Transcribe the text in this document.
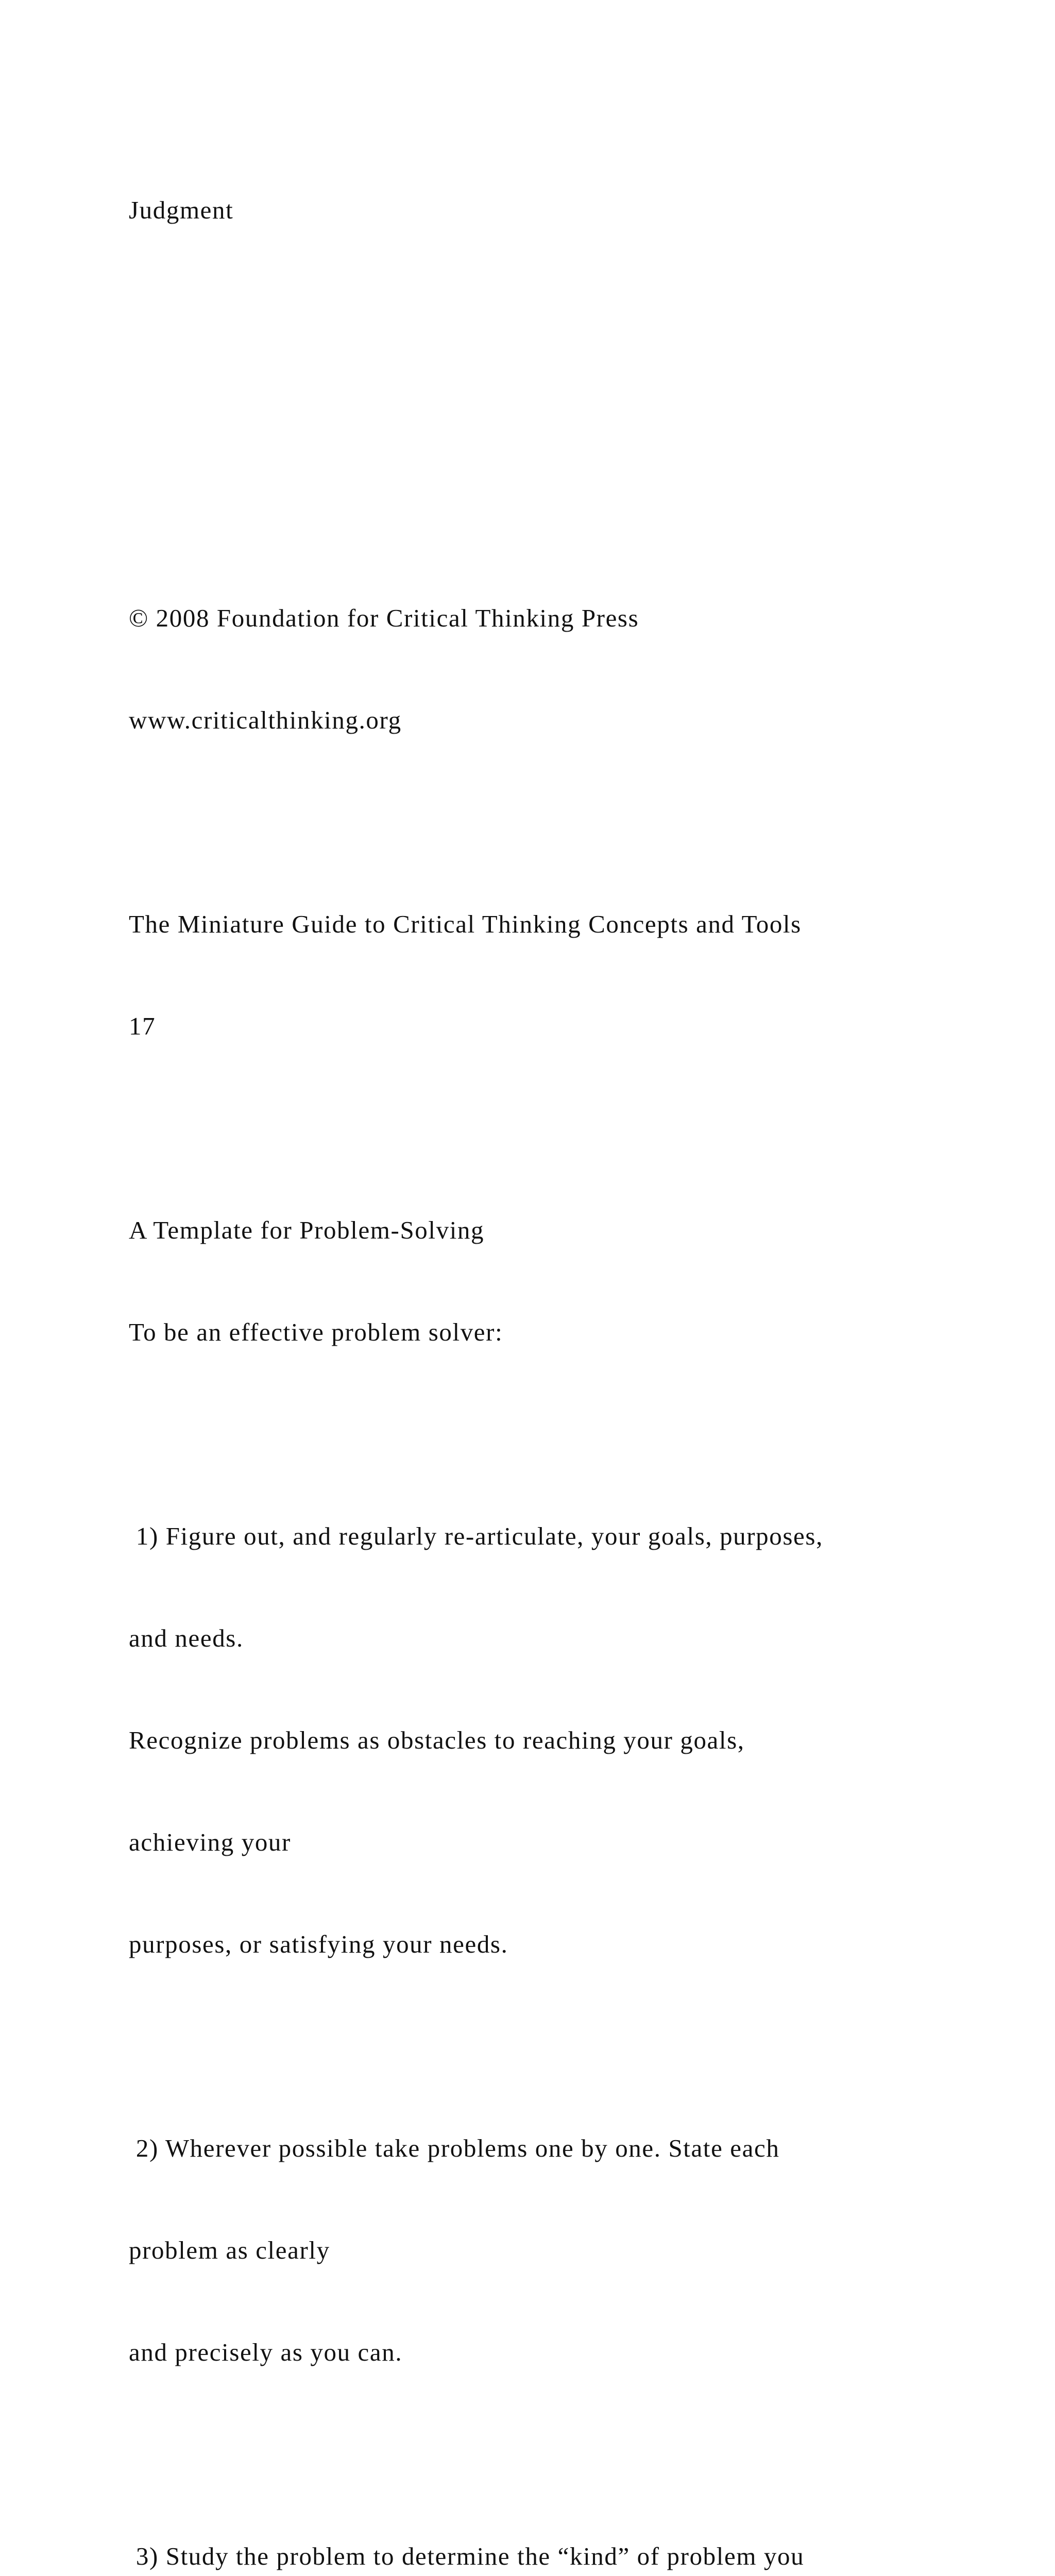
Judgment

© 2008 Foundation for Critical Thinking Press

www.criticalthinking.org

The Miniature Guide to Critical Thinking Concepts and Tools

17

A Template for Problem-Solving

To be an effective problem solver:

1) Figure out, and regularly re-articulate, your goals, purposes,

and needs.

Recognize problems as obstacles to reaching your goals,

achieving your

purposes, or satisfying your needs.

2) Wherever possible take problems one by one. State each

problem as clearly

and precisely as you can.

3) Study the problem to determine the “kind” of problem you
